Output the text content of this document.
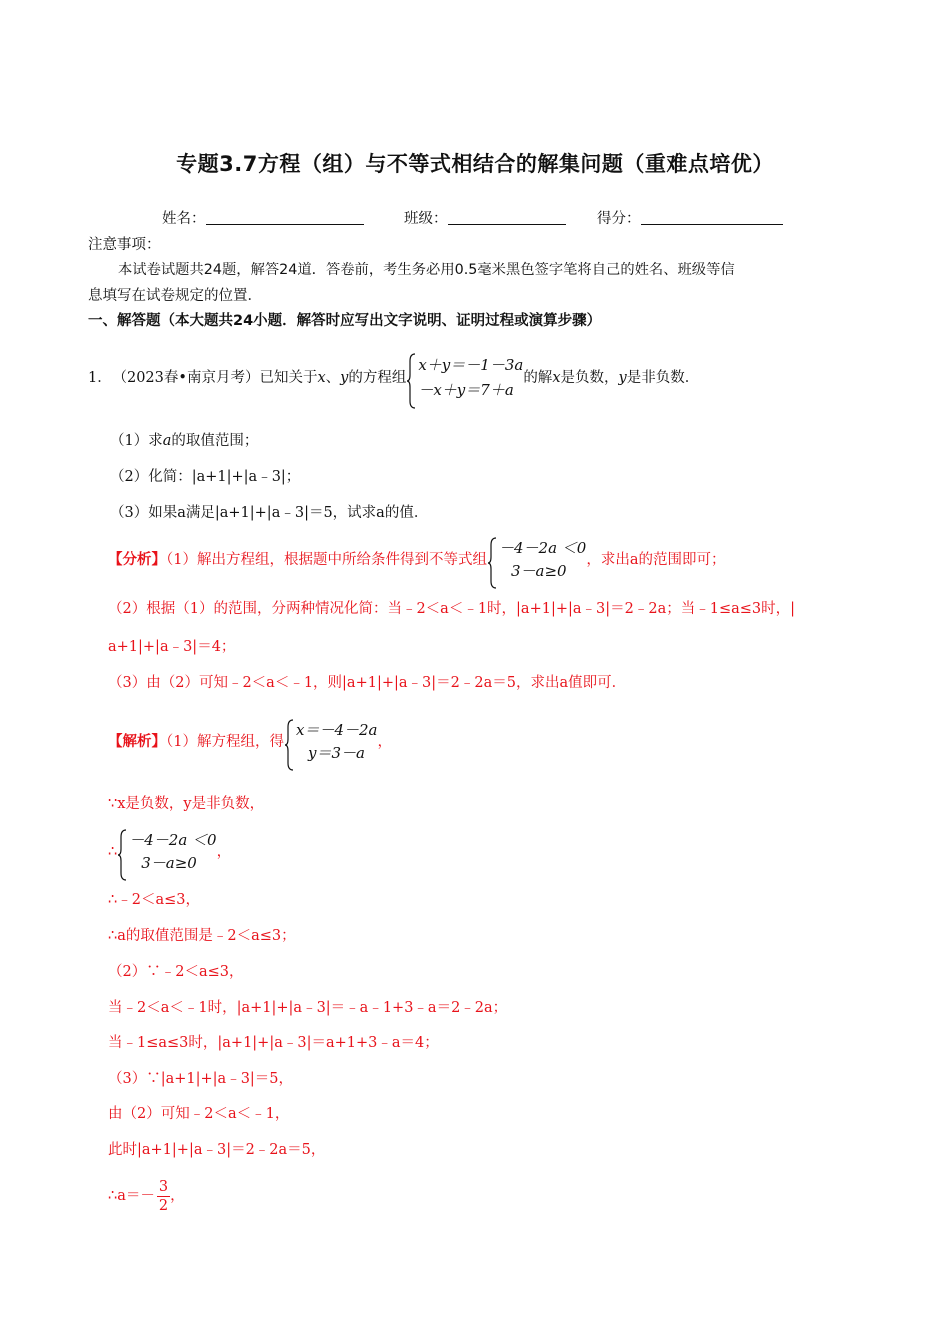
专题3.7方程（组）与不等式相结合的解集问题（重难点培优）
姓名：	班级：	得分：
注意事项：
本试卷试题共24题，解答24道．答卷前，考生务必用0.5毫米黑色签字笔将自己的姓名、班级等信
息填写在试卷规定的位置．
一、解答题（本大题共24小题．解答时应写出文字说明、证明过程或演算步骤）
1． （2023春•南京月考）已知关于x、y的方程组
x＋y＝－1－3a
－x＋y＝7＋a
的解x是负数，y是非负数．
（1）求a的取值范围；
（2）化简：|a+1|+|a﹣3|；
（3）如果a满足|a+1|+|a﹣3|＝5，试求a的值．
【分析】（1）解出方程组，根据题中所给条件得到不等式组
－4－2a ＜0
3－a≥0
，求出a的范围即可；
（2）根据（1）的范围，分两种情况化简：当﹣2＜a＜﹣1时，|a+1|+|a﹣3|＝2﹣2a；当﹣1≤a≤3时，|
a+1|+|a﹣3|＝4；
（3）由（2）可知﹣2＜a＜﹣1，则|a+1|+|a﹣3|＝2﹣2a＝5，求出a值即可．
【解析】（1）解方程组，得
x＝－4－2a
y＝3－a
，
∵x是负数，y是非负数，
∴
－4－2a ＜0
3－a≥0
，
∴﹣2＜a≤3，
∴a的取值范围是﹣2＜a≤3；
（2）∵﹣2＜a≤3，
当﹣2＜a＜﹣1时，|a+1|+|a﹣3|＝﹣a﹣1+3﹣a＝2﹣2a；
当﹣1≤a≤3时，|a+1|+|a﹣3|＝a+1+3﹣a＝4；
（3）∵|a+1|+|a﹣3|＝5，
由（2）可知﹣2＜a＜﹣1，
此时|a+1|+|a﹣3|＝2﹣2a＝5，
∴a＝－ $\frac{3}{2}$ ，
